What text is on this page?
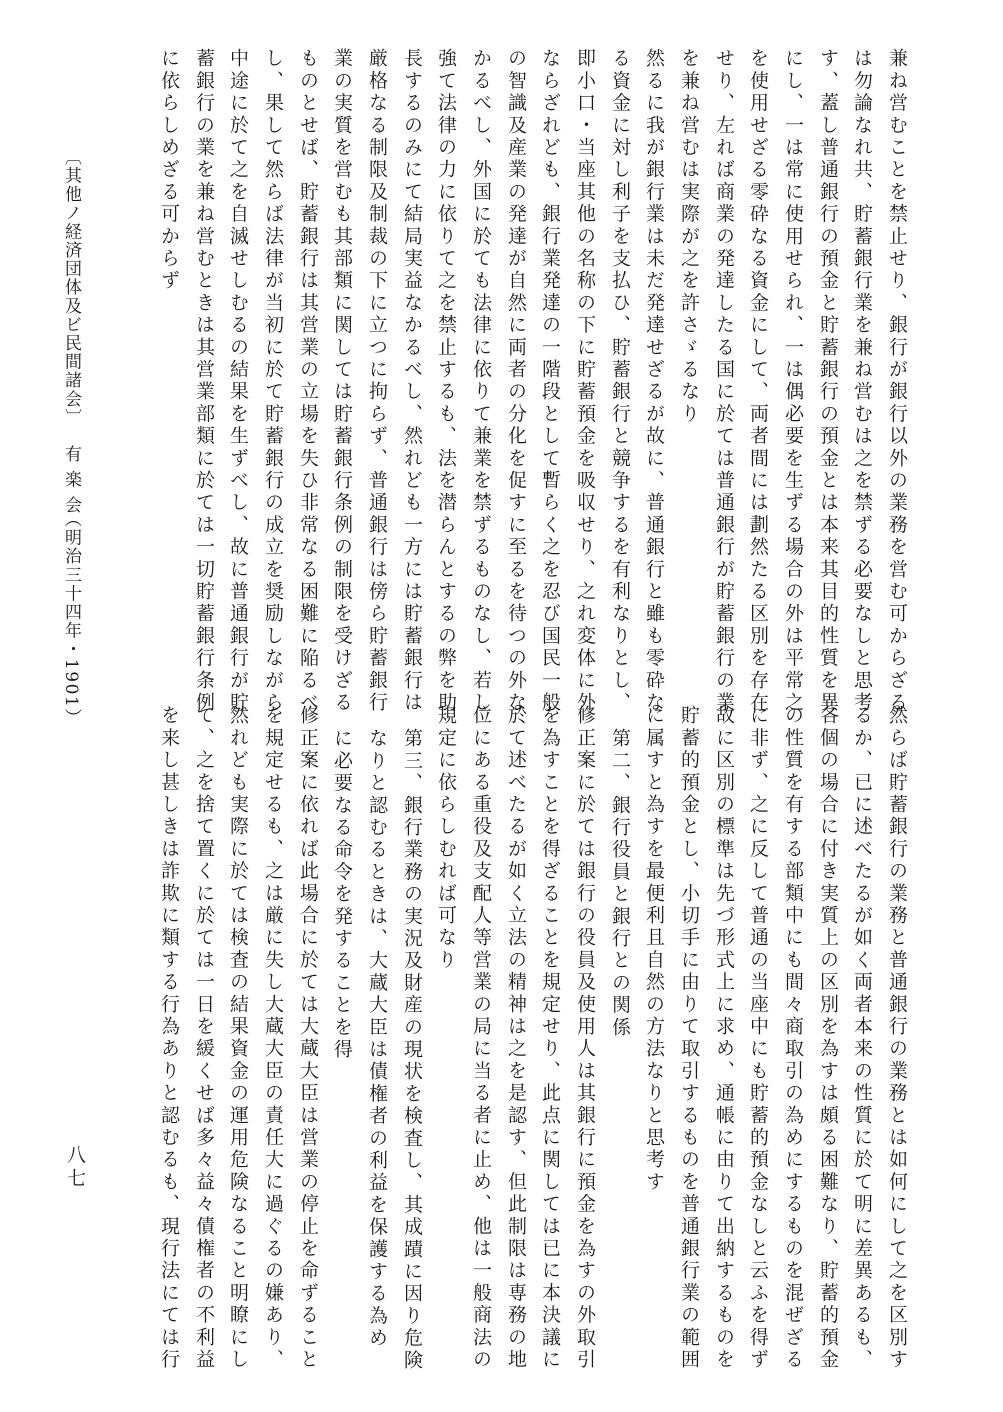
兼ね営むことを禁止せり、銀行が銀行以外の業務を営む可からざる
は勿論なれ共、貯蓄銀行業を兼ね営むは之を禁ずる必要なしと思考
す、蓋し普通銀行の預金と貯蓄銀行の預金とは本来其目的性質を異
にし、一は常に使用せられ、一は偶必要を生ずる場合の外は平常之
を使用せざる零砕なる資金にして、両者間には劃然たる区別を存在
せり、左れば商業の発達したる国に於ては普通銀行が貯蓄銀行の業
を兼ね営むは実際が之を許さゞるなり
然るに我が銀行業は未だ発達せざるが故に、普通銀行と雖も零砕な
る資金に対し利子を支払ひ、貯蓄銀行と競争するを有利なりとし、
即小口・当座其他の名称の下に貯蓄預金を吸収せり、之れ変体に外
ならざれども、銀行業発達の一階段として暫らく之を忍び国民一般
の智識及産業の発達が自然に両者の分化を促すに至るを待つの外な
かるべし、外国に於ても法律に依りて兼業を禁ずるものなし、若し
強て法律の力に依りて之を禁止するも、法を潜らんとするの弊を助
長するのみにて結局実益なかるべし、然れども一方には貯蓄銀行は
厳格なる制限及制裁の下に立つに拘らず、普通銀行は傍ら貯蓄銀行
業の実質を営むも其部類に関しては貯蓄銀行条例の制限を受けざる
ものとせば、貯蓄銀行は其営業の立場を失ひ非常なる困難に陥るべ
し、果して然らば法律が当初に於て貯蓄銀行の成立を奨励しながら
中途に於て之を自滅せしむるの結果を生ずべし、故に普通銀行が貯
蓄銀行の業を兼ね営むときは其営業部類に於ては一切貯蓄銀行条例
に依らしめざる可からず
〔其他ノ経済団体及ビ民間諸会〕
有 楽 会
（明治三十四年・1901）
然らば貯蓄銀行の業務と普通銀行の業務とは如何にして之を区別す
るか、已に述べたるが如く両者本来の性質に於て明に差異あるも、
各個の場合に付き実質上の区別を為すは頗る困難なり、貯蓄的預金
の性質を有する部類中にも間々商取引の為めにするものを混ぜざる
に非ず、之に反して普通の当座中にも貯蓄的預金なしと云ふを得ず
故に区別の標準は先づ形式上に求め、通帳に由りて出納するものを
貯蓄的預金とし、小切手に由りて取引するものを普通銀行業の範囲
に属すと為すを最便利且自然の方法なりと思考す
第二、銀行役員と銀行との関係
修正案に於ては銀行の役員及使用人は其銀行に預金を為すの外取引
を為すことを得ざることを規定せり、此点に関しては已に本決議に
於て述べたるが如く立法の精神は之を是認す、但此制限は専務の地
位にある重役及支配人等営業の局に当る者に止め、他は一般商法の
規定に依らしむれば可なり
第三、銀行業務の実況及財産の現状を検査し、其成蹟に因り危険
なりと認むるときは、大蔵大臣は債権者の利益を保護する為め
に必要なる命令を発することを得
修正案に依れば此場合に於ては大蔵大臣は営業の停止を命ずること
を規定せるも、之は厳に失し大蔵大臣の責任大に過ぐるの嫌あり、
然れども実際に於ては検査の結果資金の運用危険なること明瞭にし
て、之を捨て置くに於ては一日を緩くせば多々益々債権者の不利益
を来し甚しきは詐欺に類する行為ありと認むるも、現行法にては行
八七
